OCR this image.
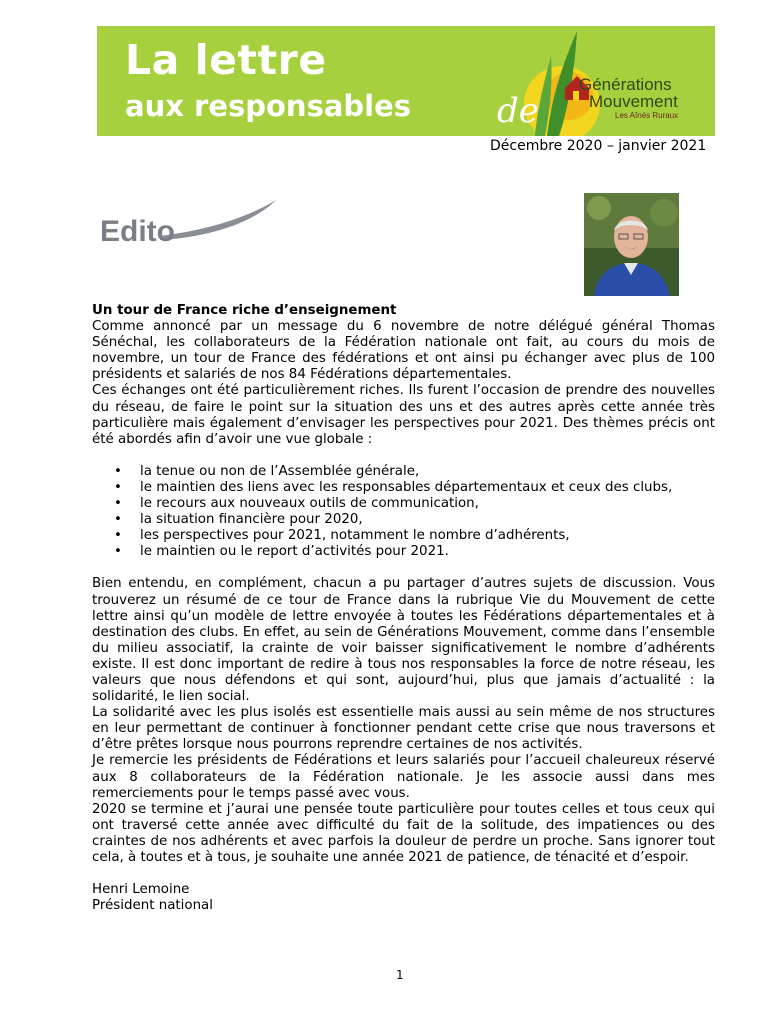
La lettre
aux responsables
Générations
Mouvement
Les Aînés Ruraux
de
Décembre 2020 – janvier 2021
Edito

Un tour de France riche d’enseignement

Comme annoncé par un message du 6 novembre de notre délégué général Thomas Sénéchal, les collaborateurs de la Fédération nationale ont fait, au cours du mois de novembre, un tour de France des fédérations et ont ainsi pu échanger avec plus de 100 présidents et salariés de nos 84 Fédérations départementales.

Ces échanges ont été particulièrement riches. Ils furent l’occasion de prendre des nouvelles du réseau, de faire le point sur la situation des uns et des autres après cette année très particulière mais également d’envisager les perspectives pour 2021. Des thèmes précis ont été abordés afin d’avoir une vue globale :

• la tenue ou non de l’Assemblée générale,
• le maintien des liens avec les responsables départementaux et ceux des clubs,
• le recours aux nouveaux outils de communication,
• la situation financière pour 2020,
• les perspectives pour 2021, notamment le nombre d’adhérents,
• le maintien ou le report d’activités pour 2021.

Bien entendu, en complément, chacun a pu partager d’autres sujets de discussion. Vous trouverez un résumé de ce tour de France dans la rubrique Vie du Mouvement de cette lettre ainsi qu’un modèle de lettre envoyée à toutes les Fédérations départementales et à destination des clubs. En effet, au sein de Générations Mouvement, comme dans l’ensemble du milieu associatif, la crainte de voir baisser significativement le nombre d’adhérents existe. Il est donc important de redire à tous nos responsables la force de notre réseau, les valeurs que nous défendons et qui sont, aujourd’hui, plus que jamais d’actualité : la solidarité, le lien social.

La solidarité avec les plus isolés est essentielle mais aussi au sein même de nos structures en leur permettant de continuer à fonctionner pendant cette crise que nous traversons et d’être prêtes lorsque nous pourrons reprendre certaines de nos activités.

Je remercie les présidents de Fédérations et leurs salariés pour l’accueil chaleureux réservé aux 8 collaborateurs de la Fédération nationale. Je les associe aussi dans mes remerciements pour le temps passé avec vous.

2020 se termine et j’aurai une pensée toute particulière pour toutes celles et tous ceux qui ont traversé cette année avec difficulté du fait de la solitude, des impatiences ou des craintes de nos adhérents et avec parfois la douleur de perdre un proche. Sans ignorer tout cela, à toutes et à tous, je souhaite une année 2021 de patience, de ténacité et d’espoir.

Henri Lemoine

Président national

1
